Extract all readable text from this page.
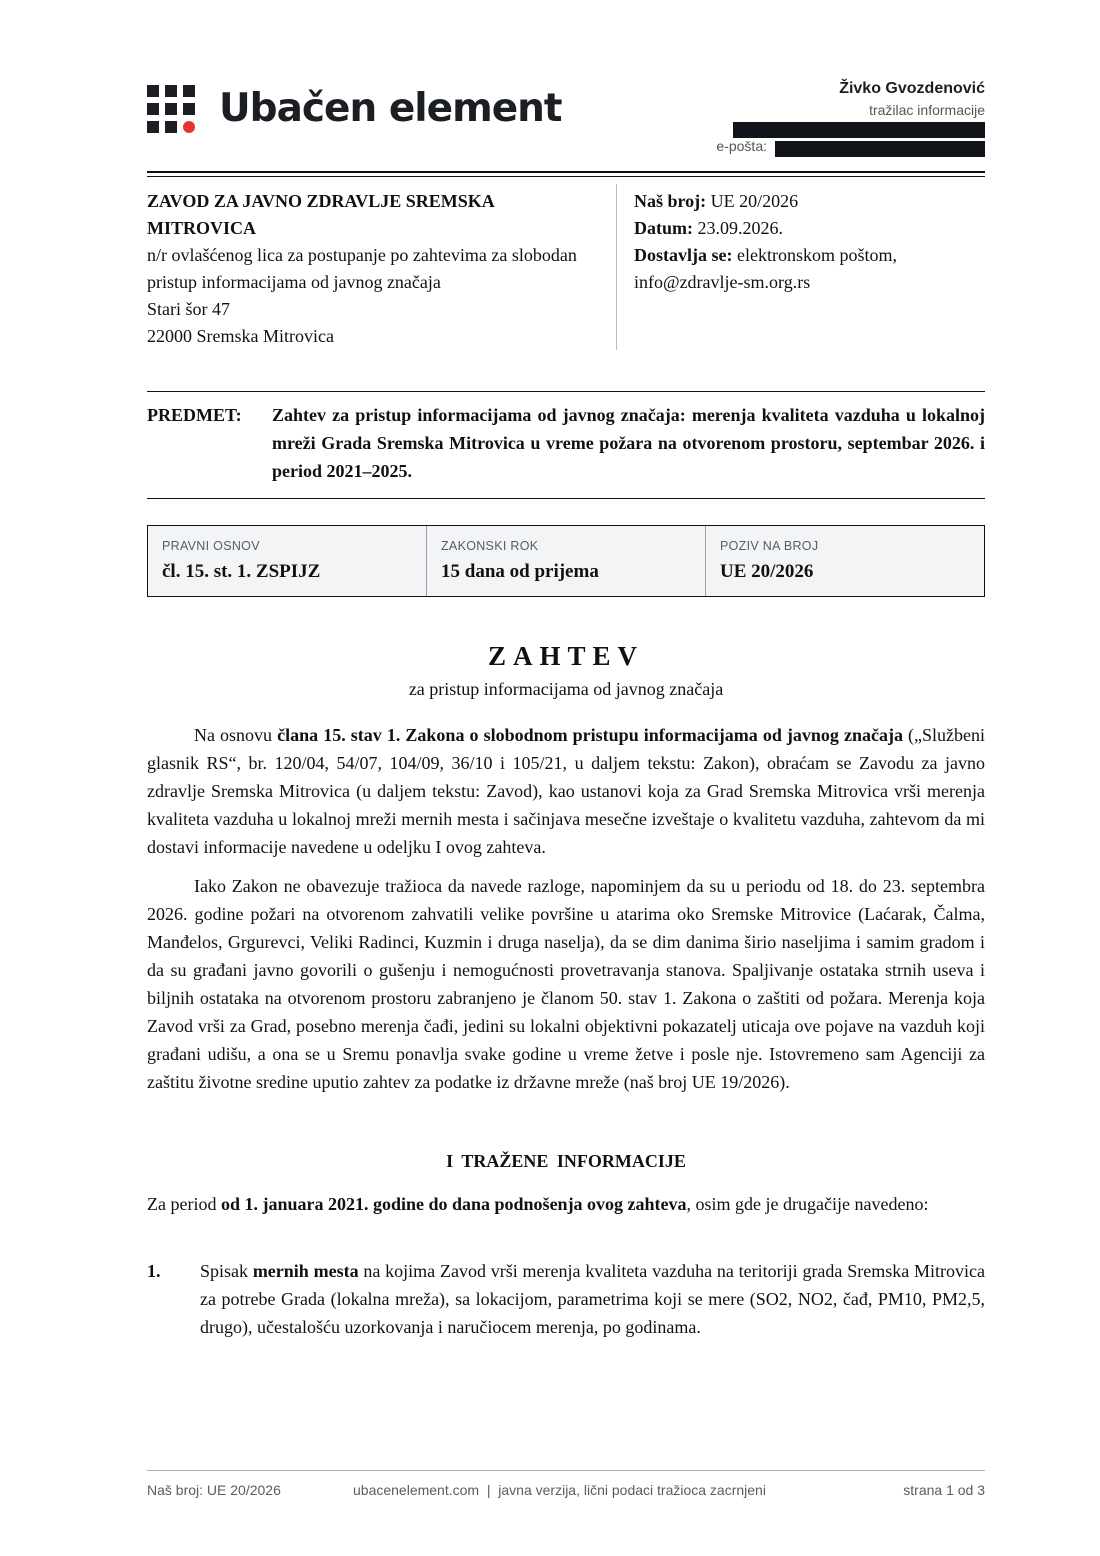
Ubačen element	Živko Gvozdenović
tražilac informacije
e-pošta:
ZAVOD ZA JAVNO ZDRAVLJE SREMSKA MITROVICA
n/r ovlašćenog lica za postupanje po zahtevima za slobodan pristup informacijama od javnog značaja
Stari šor 47
22000 Sremska Mitrovica
Naš broj: UE 20/2026
Datum: 23.09.2026.
Dostavlja se: elektronskom poštom,
info@zdravlje-sm.org.rs
PREDMET:	Zahtev za pristup informacijama od javnog značaja: merenja kvaliteta vazduha u lokalnoj mreži Grada Sremska Mitrovica u vreme požara na otvorenom prostoru, septembar 2026. i period 2021–2025.
PRAVNI OSNOV
čl. 15. st. 1. ZSPIJZ
ZAKONSKI ROK
15 dana od prijema
POZIV NA BROJ
UE 20/2026
ZAHTEV
za pristup informacijama od javnog značaja

Na osnovu člana 15. stav 1. Zakona o slobodnom pristupu informacijama od javnog značaja („Službeni glasnik RS“, br. 120/04, 54/07, 104/09, 36/10 i 105/21, u daljem tekstu: Zakon), obraćam se Zavodu za javno zdravlje Sremska Mitrovica (u daljem tekstu: Zavod), kao ustanovi koja za Grad Sremska Mitrovica vrši merenja kvaliteta vazduha u lokalnoj mreži mernih mesta i sačinjava mesečne izveštaje o kvalitetu vazduha, zahtevom da mi dostavi informacije navedene u odeljku I ovog zahteva.

Iako Zakon ne obavezuje tražioca da navede razloge, napominjem da su u periodu od 18. do 23. septembra 2026. godine požari na otvorenom zahvatili velike površine u atarima oko Sremske Mitrovice (Laćarak, Čalma, Manđelos, Grgurevci, Veliki Radinci, Kuzmin i druga naselja), da se dim danima širio naseljima i samim gradom i da su građani javno govorili o gušenju i nemogućnosti provetravanja stanova. Spaljivanje ostataka strnih useva i biljnih ostataka na otvorenom prostoru zabranjeno je članom 50. stav 1. Zakona o zaštiti od požara. Merenja koja Zavod vrši za Grad, posebno merenja čađi, jedini su lokalni objektivni pokazatelj uticaja ove pojave na vazduh koji građani udišu, a ona se u Sremu ponavlja svake godine u vreme žetve i posle nje. Istovremeno sam Agenciji za zaštitu životne sredine uputio zahtev za podatke iz državne mreže (naš broj UE 19/2026).

I TRAŽENE INFORMACIJE

Za period od 1. januara 2021. godine do dana podnošenja ovog zahteva, osim gde je drugačije navedeno:

1.	Spisak mernih mesta na kojima Zavod vrši merenja kvaliteta vazduha na teritoriji grada Sremska Mitrovica za potrebe Grada (lokalna mreža), sa lokacijom, parametrima koji se mere (SO2, NO2, čađ, PM10, PM2,5, drugo), učestalošću uzorkovanja i naručiocem merenja, po godinama.
Naš broj: UE 20/2026	ubacenelement.com  |  javna verzija, lični podaci tražioca zacrnjeni	strana 1 od 3
